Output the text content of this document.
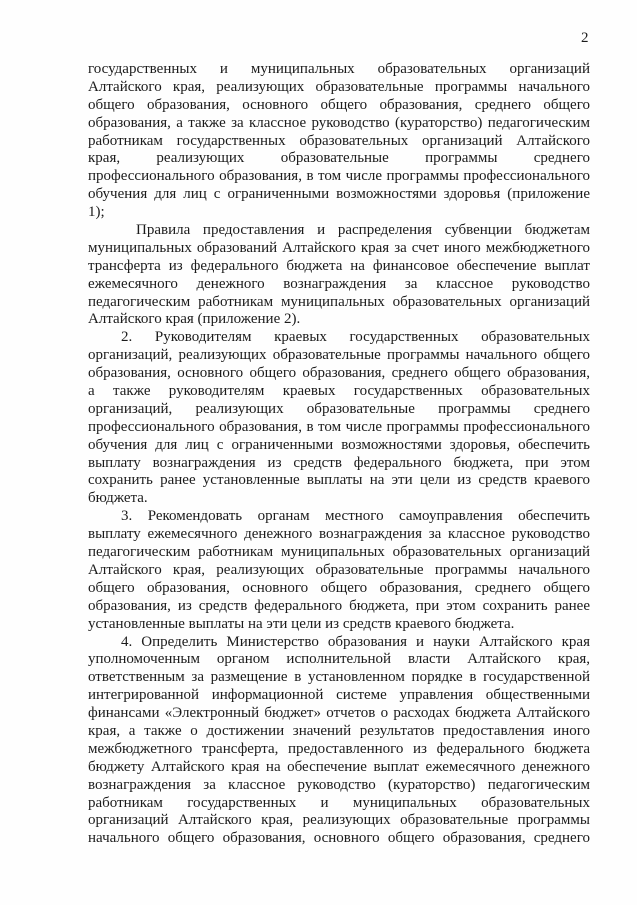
2
государственных и муниципальных образовательных организаций
Алтайского края, реализующих образовательные программы начального
общего образования, основного общего образования, среднего общего
образования, а также за классное руководство (кураторство) педагогическим
работникам государственных образовательных организаций Алтайского
края, реализующих образовательные программы среднего
профессионального образования, в том числе программы профессионального
обучения для лиц с ограниченными возможностями здоровья (приложение
1);
Правила предоставления и распределения субвенции бюджетам
муниципальных образований Алтайского края за счет иного межбюджетного
трансферта из федерального бюджета на финансовое обеспечение выплат
ежемесячного денежного вознаграждения за классное руководство
педагогическим работникам муниципальных образовательных организаций
Алтайского края (приложение 2).
2. Руководителям краевых государственных образовательных
организаций, реализующих образовательные программы начального общего
образования, основного общего образования, среднего общего образования,
а также руководителям краевых государственных образовательных
организаций, реализующих образовательные программы среднего
профессионального образования, в том числе программы профессионального
обучения для лиц с ограниченными возможностями здоровья, обеспечить
выплату вознаграждения из средств федерального бюджета, при этом
сохранить ранее установленные выплаты на эти цели из средств краевого
бюджета.
3. Рекомендовать органам местного самоуправления обеспечить
выплату ежемесячного денежного вознаграждения за классное руководство
педагогическим работникам муниципальных образовательных организаций
Алтайского края, реализующих образовательные программы начального
общего образования, основного общего образования, среднего общего
образования, из средств федерального бюджета, при этом сохранить ранее
установленные выплаты на эти цели из средств краевого бюджета.
4. Определить Министерство образования и науки Алтайского края
уполномоченным органом исполнительной власти Алтайского края,
ответственным за размещение в установленном порядке в государственной
интегрированной информационной системе управления общественными
финансами «Электронный бюджет» отчетов о расходах бюджета Алтайского
края, а также о достижении значений результатов предоставления иного
межбюджетного трансферта, предоставленного из федерального бюджета
бюджету Алтайского края на обеспечение выплат ежемесячного денежного
вознаграждения за классное руководство (кураторство) педагогическим
работникам государственных и муниципальных образовательных
организаций Алтайского края, реализующих образовательные программы
начального общего образования, основного общего образования, среднего
